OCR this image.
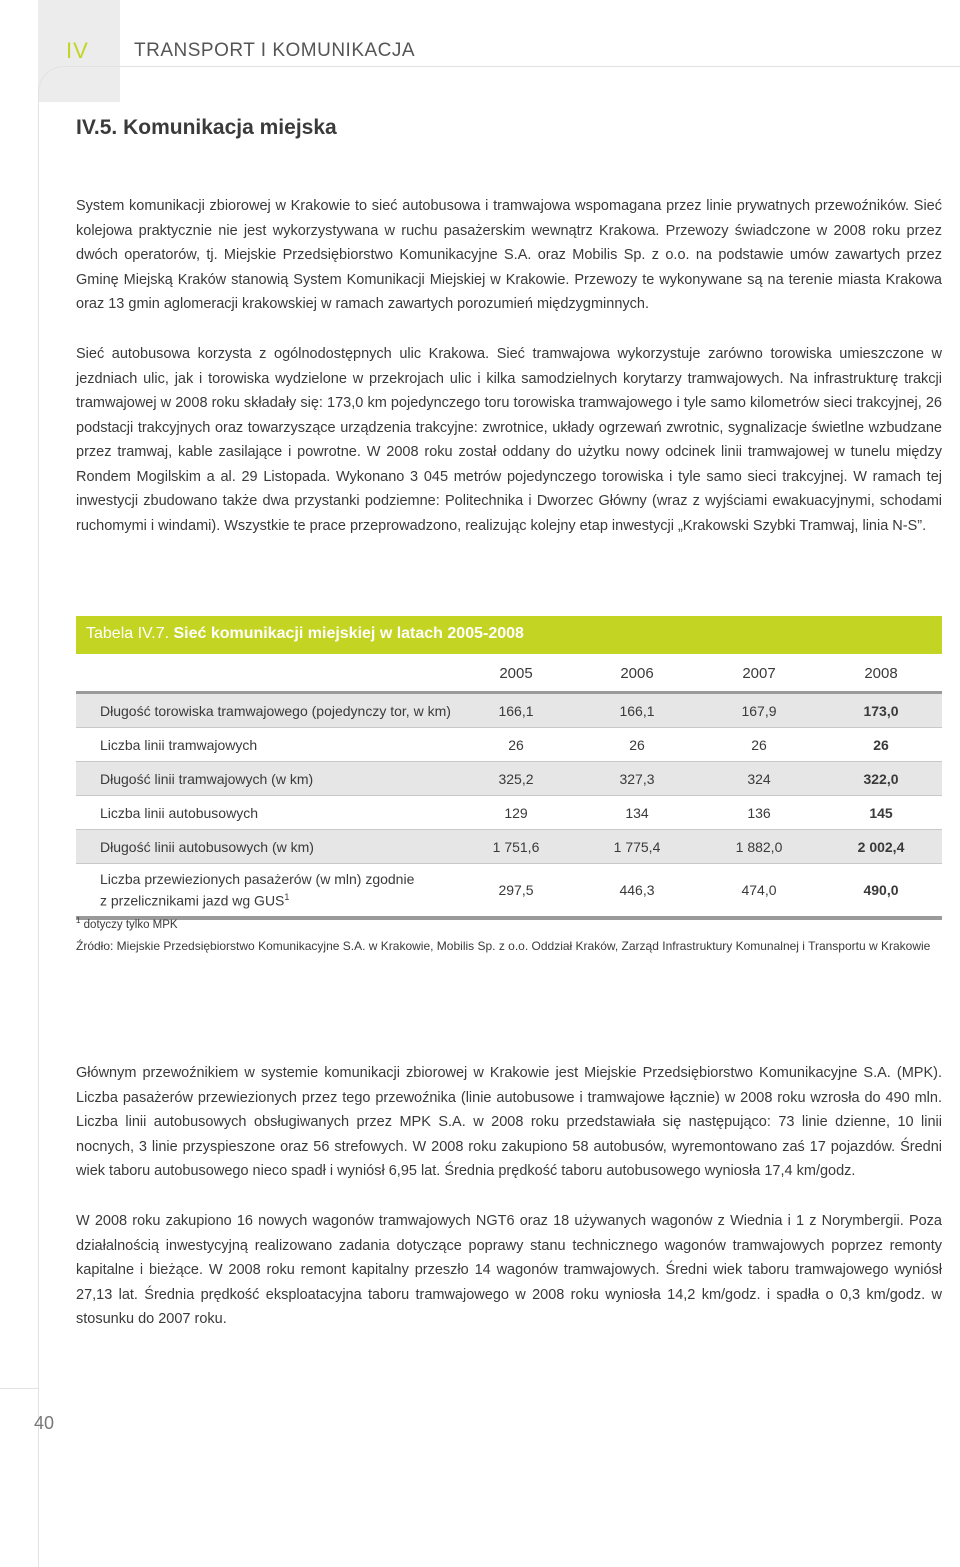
IV TRANSPORT I KOMUNIKACJA
IV.5. Komunikacja miejska
System komunikacji zbiorowej w Krakowie to sieć autobusowa i tramwajowa wspomagana przez linie prywatnych przewoźników. Sieć kolejowa praktycznie nie jest wykorzystywana w ruchu pasażerskim wewnątrz Krakowa. Przewozy świadczone w 2008 roku przez dwóch operatorów, tj. Miejskie Przedsiębiorstwo Komunikacyjne S.A. oraz Mobilis Sp. z o.o. na podstawie umów zawartych przez Gminę Miejską Kraków stanowią System Komunikacji Miejskiej w Krakowie. Przewozy te wykonywane są na terenie miasta Krakowa oraz 13 gmin aglomeracji krakowskiej w ramach zawartych porozumień międzygminnych.
Sieć autobusowa korzysta z ogólnodostępnych ulic Krakowa. Sieć tramwajowa wykorzystuje zarówno torowiska umieszczone w jezdniach ulic, jak i torowiska wydzielone w przekrojach ulic i kilka samodzielnych korytarzy tramwajowych. Na infrastrukturę trakcji tramwajowej w 2008 roku składały się: 173,0 km pojedynczego toru torowiska tramwajowego i tyle samo kilometrów sieci trakcyjnej, 26 podstacji trakcyjnych oraz towarzyszące urządzenia trakcyjne: zwrotnice, układy ogrzewań zwrotnic, sygnalizacje świetlne wzbudzane przez tramwaj, kable zasilające i powrotne. W 2008 roku został oddany do użytku nowy odcinek linii tramwajowej w tunelu między Rondem Mogilskim a al. 29 Listopada. Wykonano 3 045 metrów pojedynczego torowiska i tyle samo sieci trakcyjnej. W ramach tej inwestycji zbudowano także dwa przystanki podziemne: Politechnika i Dworzec Główny (wraz z wyjściami ewakuacyjnymi, schodami ruchomymi i windami). Wszystkie te prace przeprowadzono, realizując kolejny etap inwestycji „Krakowski Szybki Tramwaj, linia N-S”.
Tabela IV.7. Sieć komunikacji miejskiej w latach 2005-2008
	2005	2006	2007	2008
Długość torowiska tramwajowego (pojedynczy tor, w km)	166,1	166,1	167,9	173,0
Liczba linii tramwajowych	26	26	26	26
Długość linii tramwajowych (w km)	325,2	327,3	324	322,0
Liczba linii autobusowych	129	134	136	145
Długość linii autobusowych (w km)	1 751,6	1 775,4	1 882,0	2 002,4
Liczba przewiezionych pasażerów (w mln) zgodnie
z przelicznikami jazd wg GUS$^1$	297,5	446,3	474,0	490,0
$^1$ dotyczy tylko MPK
Źródło: Miejskie Przedsiębiorstwo Komunikacyjne S.A. w Krakowie, Mobilis Sp. z o.o. Oddział Kraków, Zarząd Infrastruktury Komunalnej i Transportu w Krakowie
Głównym przewoźnikiem w systemie komunikacji zbiorowej w Krakowie jest Miejskie Przedsiębiorstwo Komunikacyjne S.A. (MPK). Liczba pasażerów przewiezionych przez tego przewoźnika (linie autobusowe i tramwajowe łącznie) w 2008 roku wzrosła do 490 mln. Liczba linii autobusowych obsługiwanych przez MPK S.A. w 2008 roku przedstawiała się następująco: 73 linie dzienne, 10 linii nocnych, 3 linie przyspieszone oraz 56 strefowych. W 2008 roku zakupiono 58 autobusów, wyremontowano zaś 17 pojazdów. Średni wiek taboru autobusowego nieco spadł i wyniósł 6,95 lat. Średnia prędkość taboru autobusowego wyniosła 17,4 km/godz.
W 2008 roku zakupiono 16 nowych wagonów tramwajowych NGT6 oraz 18 używanych wagonów z Wiednia i 1 z Norymbergii. Poza działalnością inwestycyjną realizowano zadania dotyczące poprawy stanu technicznego wagonów tramwajowych poprzez remonty kapitalne i bieżące. W 2008 roku remont kapitalny przeszło 14 wagonów tramwajowych. Średni wiek taboru tramwajowego wyniósł 27,13 lat. Średnia prędkość eksploatacyjna taboru tramwajowego w 2008 roku wyniosła 14,2 km/godz. i spadła o 0,3 km/godz. w stosunku do 2007 roku.
40
